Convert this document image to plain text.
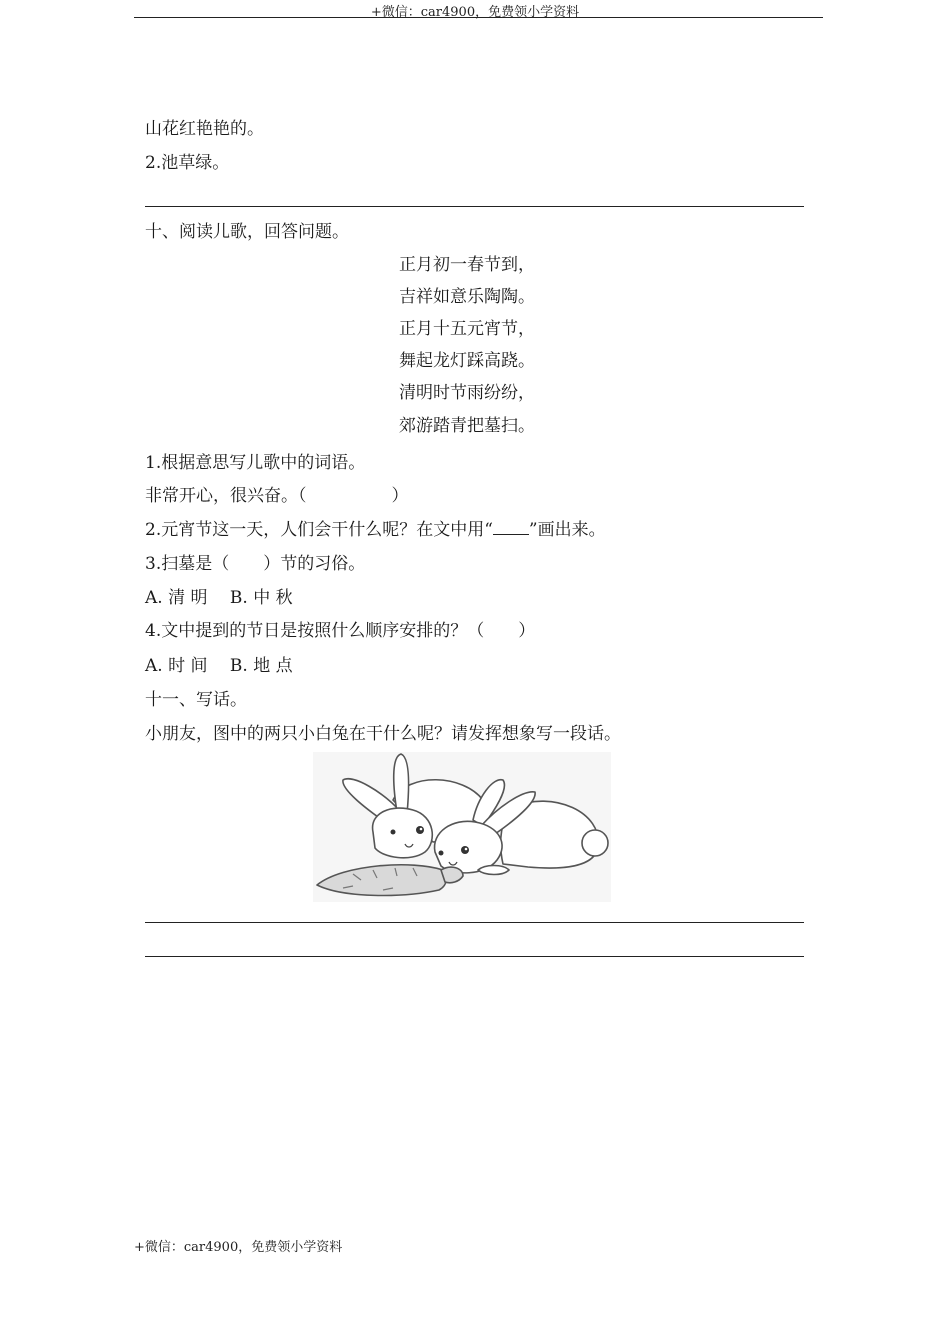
+微信：car4900，免费领小学资料
山花红艳艳的。
2.池草绿。
十、阅读儿歌，回答问题。
正月初一春节到，
吉祥如意乐陶陶。
正月十五元宵节，
舞起龙灯踩高跷。
清明时节雨纷纷，
郊游踏青把墓扫。
1.根据意思写儿歌中的词语。
非常开心，很兴奋。（　　　　　）
2.元宵节这一天，人们会干什么呢？在文中用“ ”画出来。
3.扫墓是（　　）节的习俗。
A. 清 明　 B. 中 秋
4.文中提到的节日是按照什么顺序安排的？（　　）
A. 时 间　 B. 地 点
十一、写话。
小朋友，图中的两只小白兔在干什么呢？请发挥想象写一段话。
+微信：car4900，免费领小学资料
